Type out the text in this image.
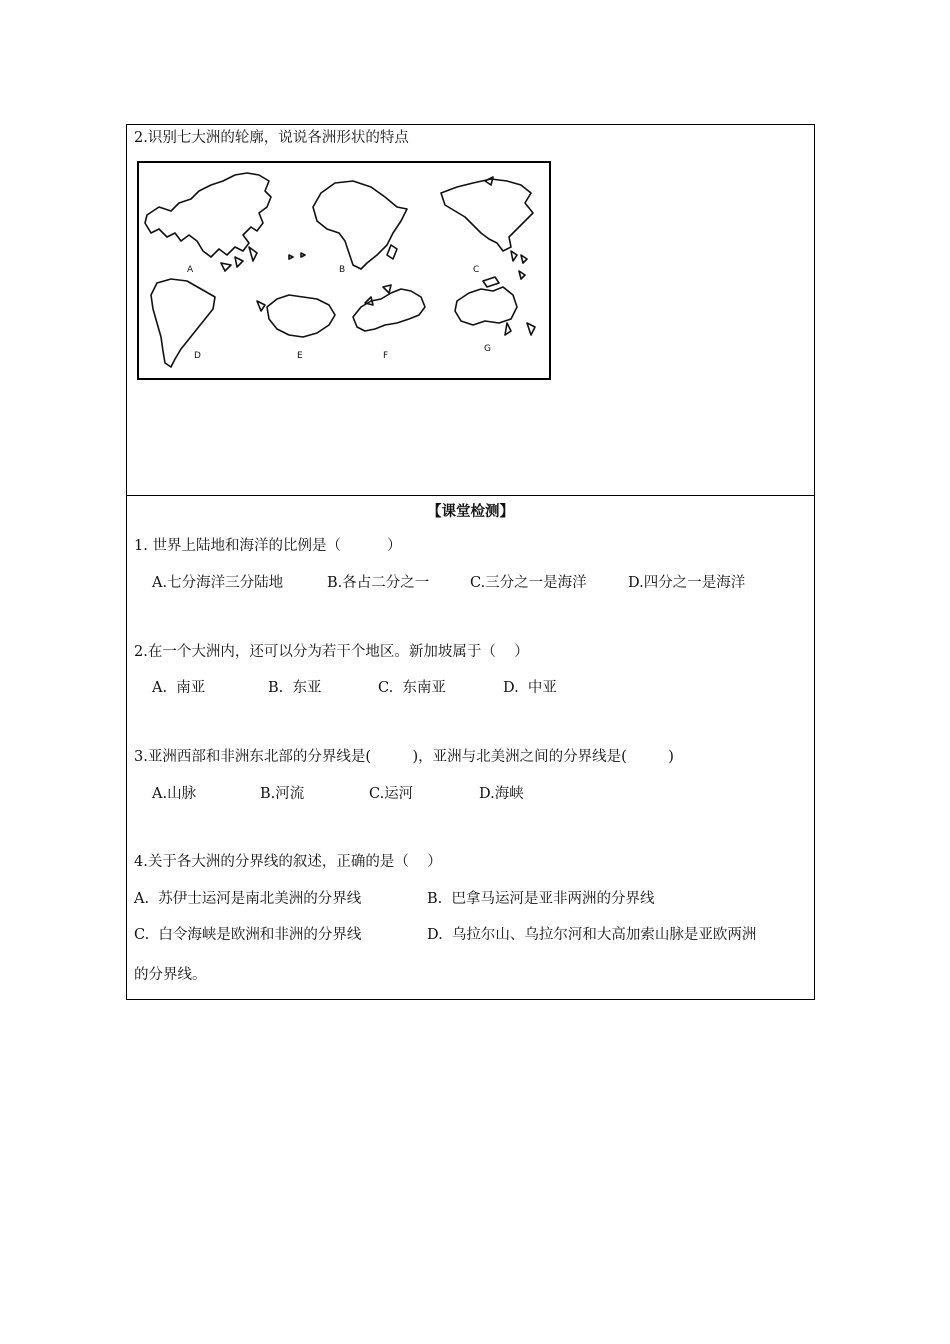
2.识别七大洲的轮廓，说说各洲形状的特点
A	B	C
D	E	F
G
【课堂检测】
1. 世界上陆地和海洋的比例是（          ）
A.七分海洋三分陆地	B.各占二分之一	C.三分之一是海洋	D.四分之一是海洋
2.在一个大洲内，还可以分为若干个地区。新加坡属于（    ）
A.  南亚	B.  东亚	C.  东南亚	D.  中亚
3.亚洲西部和非洲东北部的分界线是(         )，亚洲与北美洲之间的分界线是(         )
A.山脉	B.河流	C.运河	D.海峡
4.关于各大洲的分界线的叙述，正确的是（    ）
A.  苏伊士运河是南北美洲的分界线	B.  巴拿马运河是亚非两洲的分界线
C.  白令海峡是欧洲和非洲的分界线	D.  乌拉尔山、乌拉尔河和大高加索山脉是亚欧两洲
的分界线。
